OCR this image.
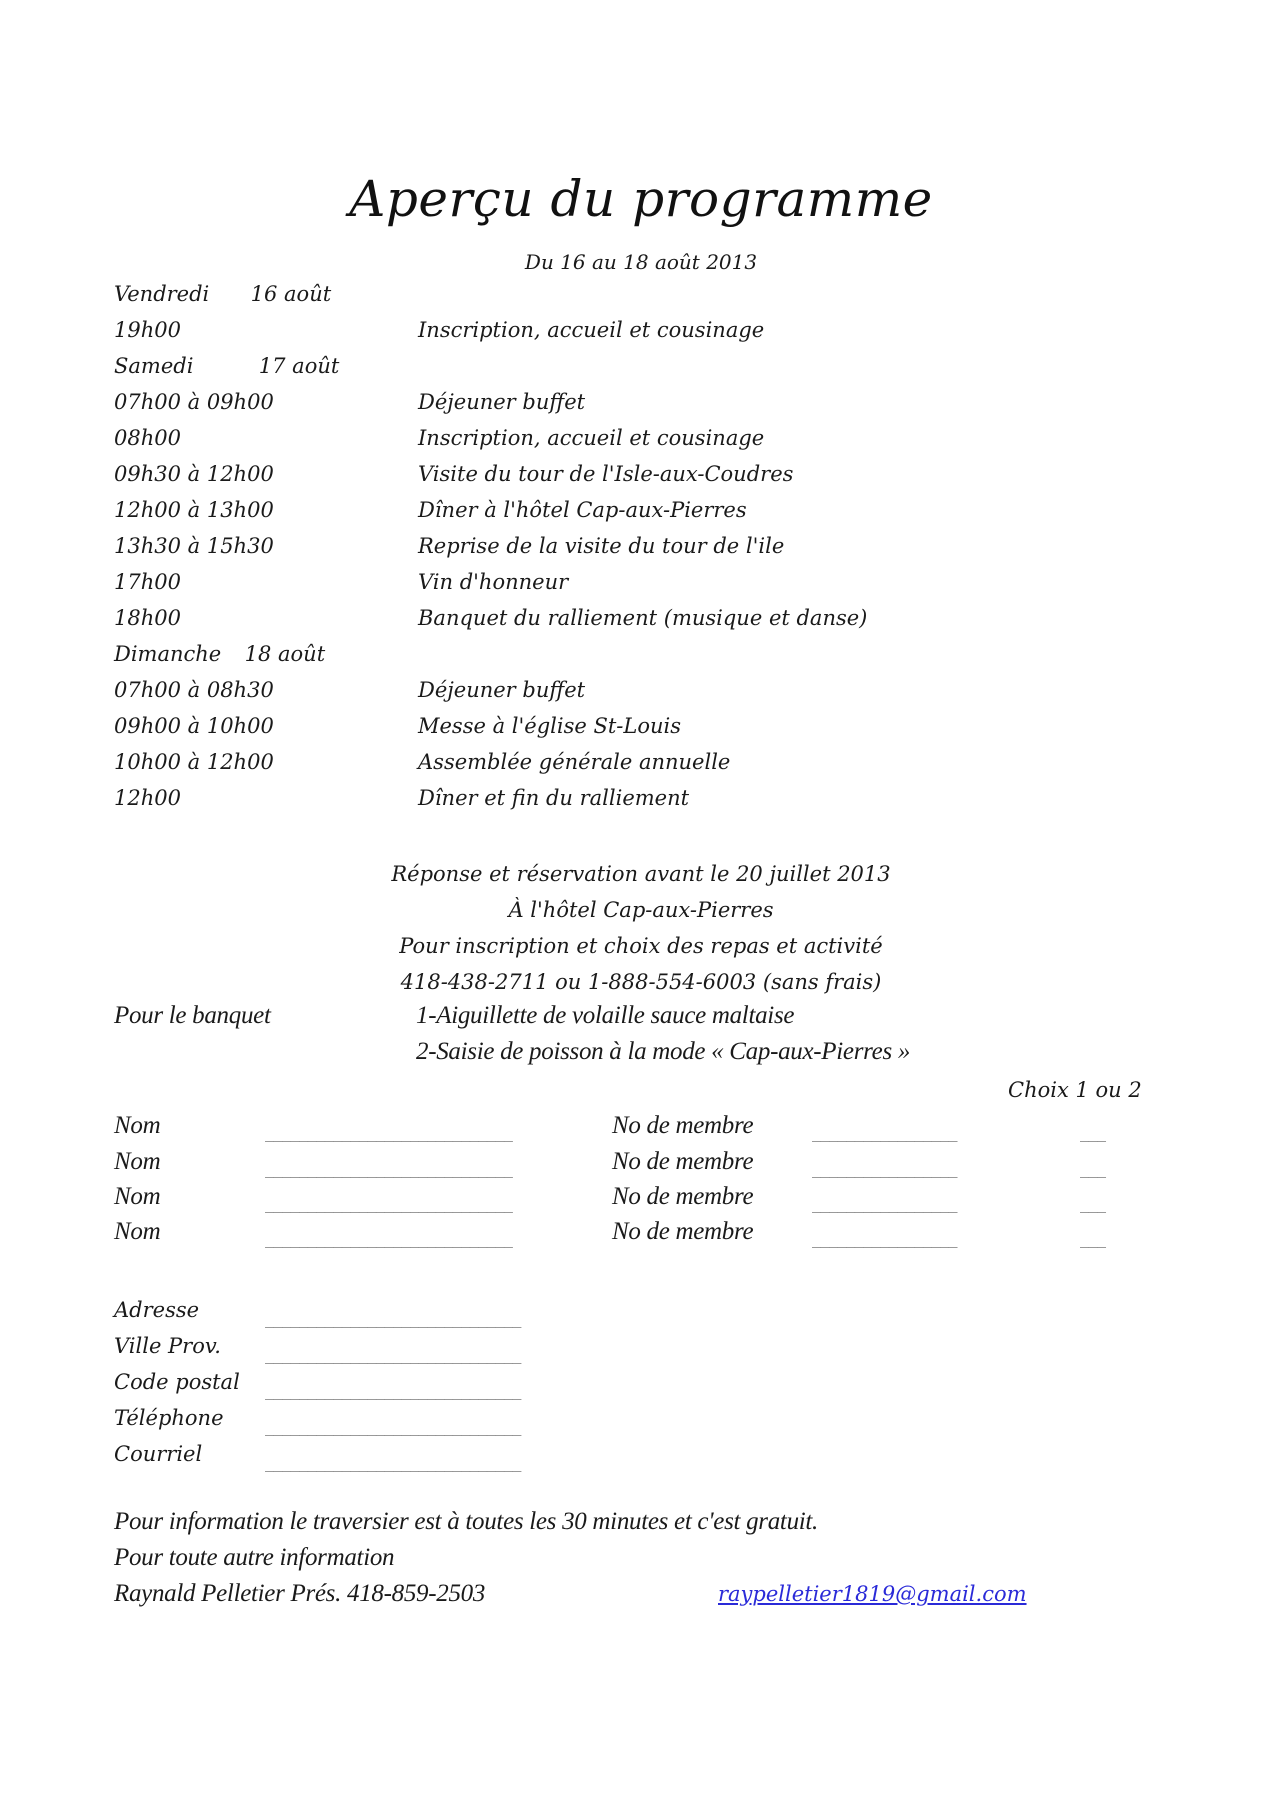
Aperçu du programme
Du 16 au 18 août 2013
Vendredi 16 août
19h00	Inscription, accueil et cousinage
Samedi	17 août
07h00 à 09h00	Déjeuner buffet
08h00	Inscription, accueil et cousinage
09h30 à 12h00	Visite du tour de l'Isle-aux-Coudres
12h00 à 13h00	Dîner à l'hôtel Cap-aux-Pierres
13h30 à 15h30	Reprise de la visite du tour de l'ile
17h00	Vin d'honneur
18h00	Banquet du ralliement (musique et danse)
Dimanche 18 août
07h00 à 08h30	Déjeuner buffet
09h00 à 10h00	Messe à l'église St-Louis
10h00 à 12h00	Assemblée générale annuelle
12h00	Dîner et fin du ralliement
Réponse et réservation avant le 20 juillet 2013
À l'hôtel Cap-aux-Pierres
Pour inscription et choix des repas et activité
418-438-2711 ou 1-888-554-6003 (sans frais)
Pour le banquet	1-Aiguillette de volaille sauce maltaise
2-Saisie de poisson à la mode « Cap-aux-Pierres »
Choix 1 ou 2
Nom	_____________________________	No de membre	_________________	___
Nom	_____________________________	No de membre	_________________	___
Nom	_____________________________	No de membre	_________________	___
Nom	_____________________________	No de membre	_________________	___
Adresse	______________________________
Ville Prov.	______________________________
Code postal ______________________________
Téléphone	______________________________
Courriel	______________________________
Pour information le traversier est à toutes les 30 minutes et c'est gratuit.
Pour toute autre information
Raynald Pelletier Prés. 418-859-2503	raypelletier1819@gmail.com
